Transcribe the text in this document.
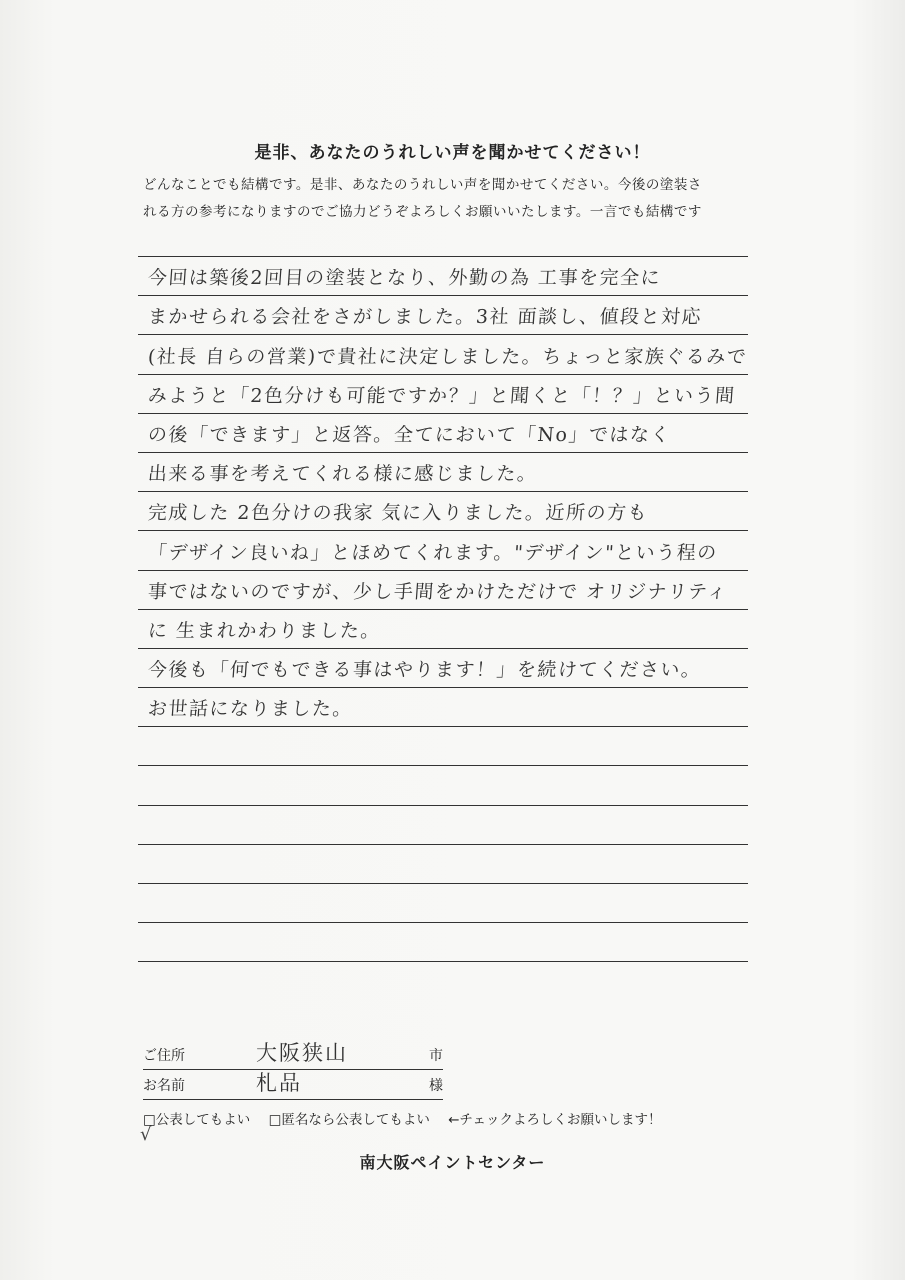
是非、あなたのうれしい声を聞かせてください！
どんなことでも結構です。是非、あなたのうれしい声を聞かせてください。今後の塗装さ
れる方の参考になりますのでご協力どうぞよろしくお願いいたします。一言でも結構です
今回は築後2回目の塗装となり、外勤の為 工事を完全に
まかせられる会社をさがしました。3社 面談し、値段と対応
(社長 自らの営業)で貴社に決定しました。ちょっと家族ぐるみで
みようと「2色分けも可能ですか？」と聞くと「！？」という間
の後「できます」と返答。全てにおいて「No」ではなく
出来る事を考えてくれる様に感じました。
完成した 2色分けの我家 気に入りました。近所の方も
「デザイン良いね」とほめてくれます。"デザイン"という程の
事ではないのですが、少し手間をかけただけで オリジナリティ
に 生まれかわりました。
今後も「何でもできる事はやります！」を続けてください。
お世話になりました。
ご住所	大阪狭山	市
お名前	札品	様
□公表してもよい □匿名なら公表してもよい ←チェックよろしくお願いします！
√
南大阪ペイントセンター
